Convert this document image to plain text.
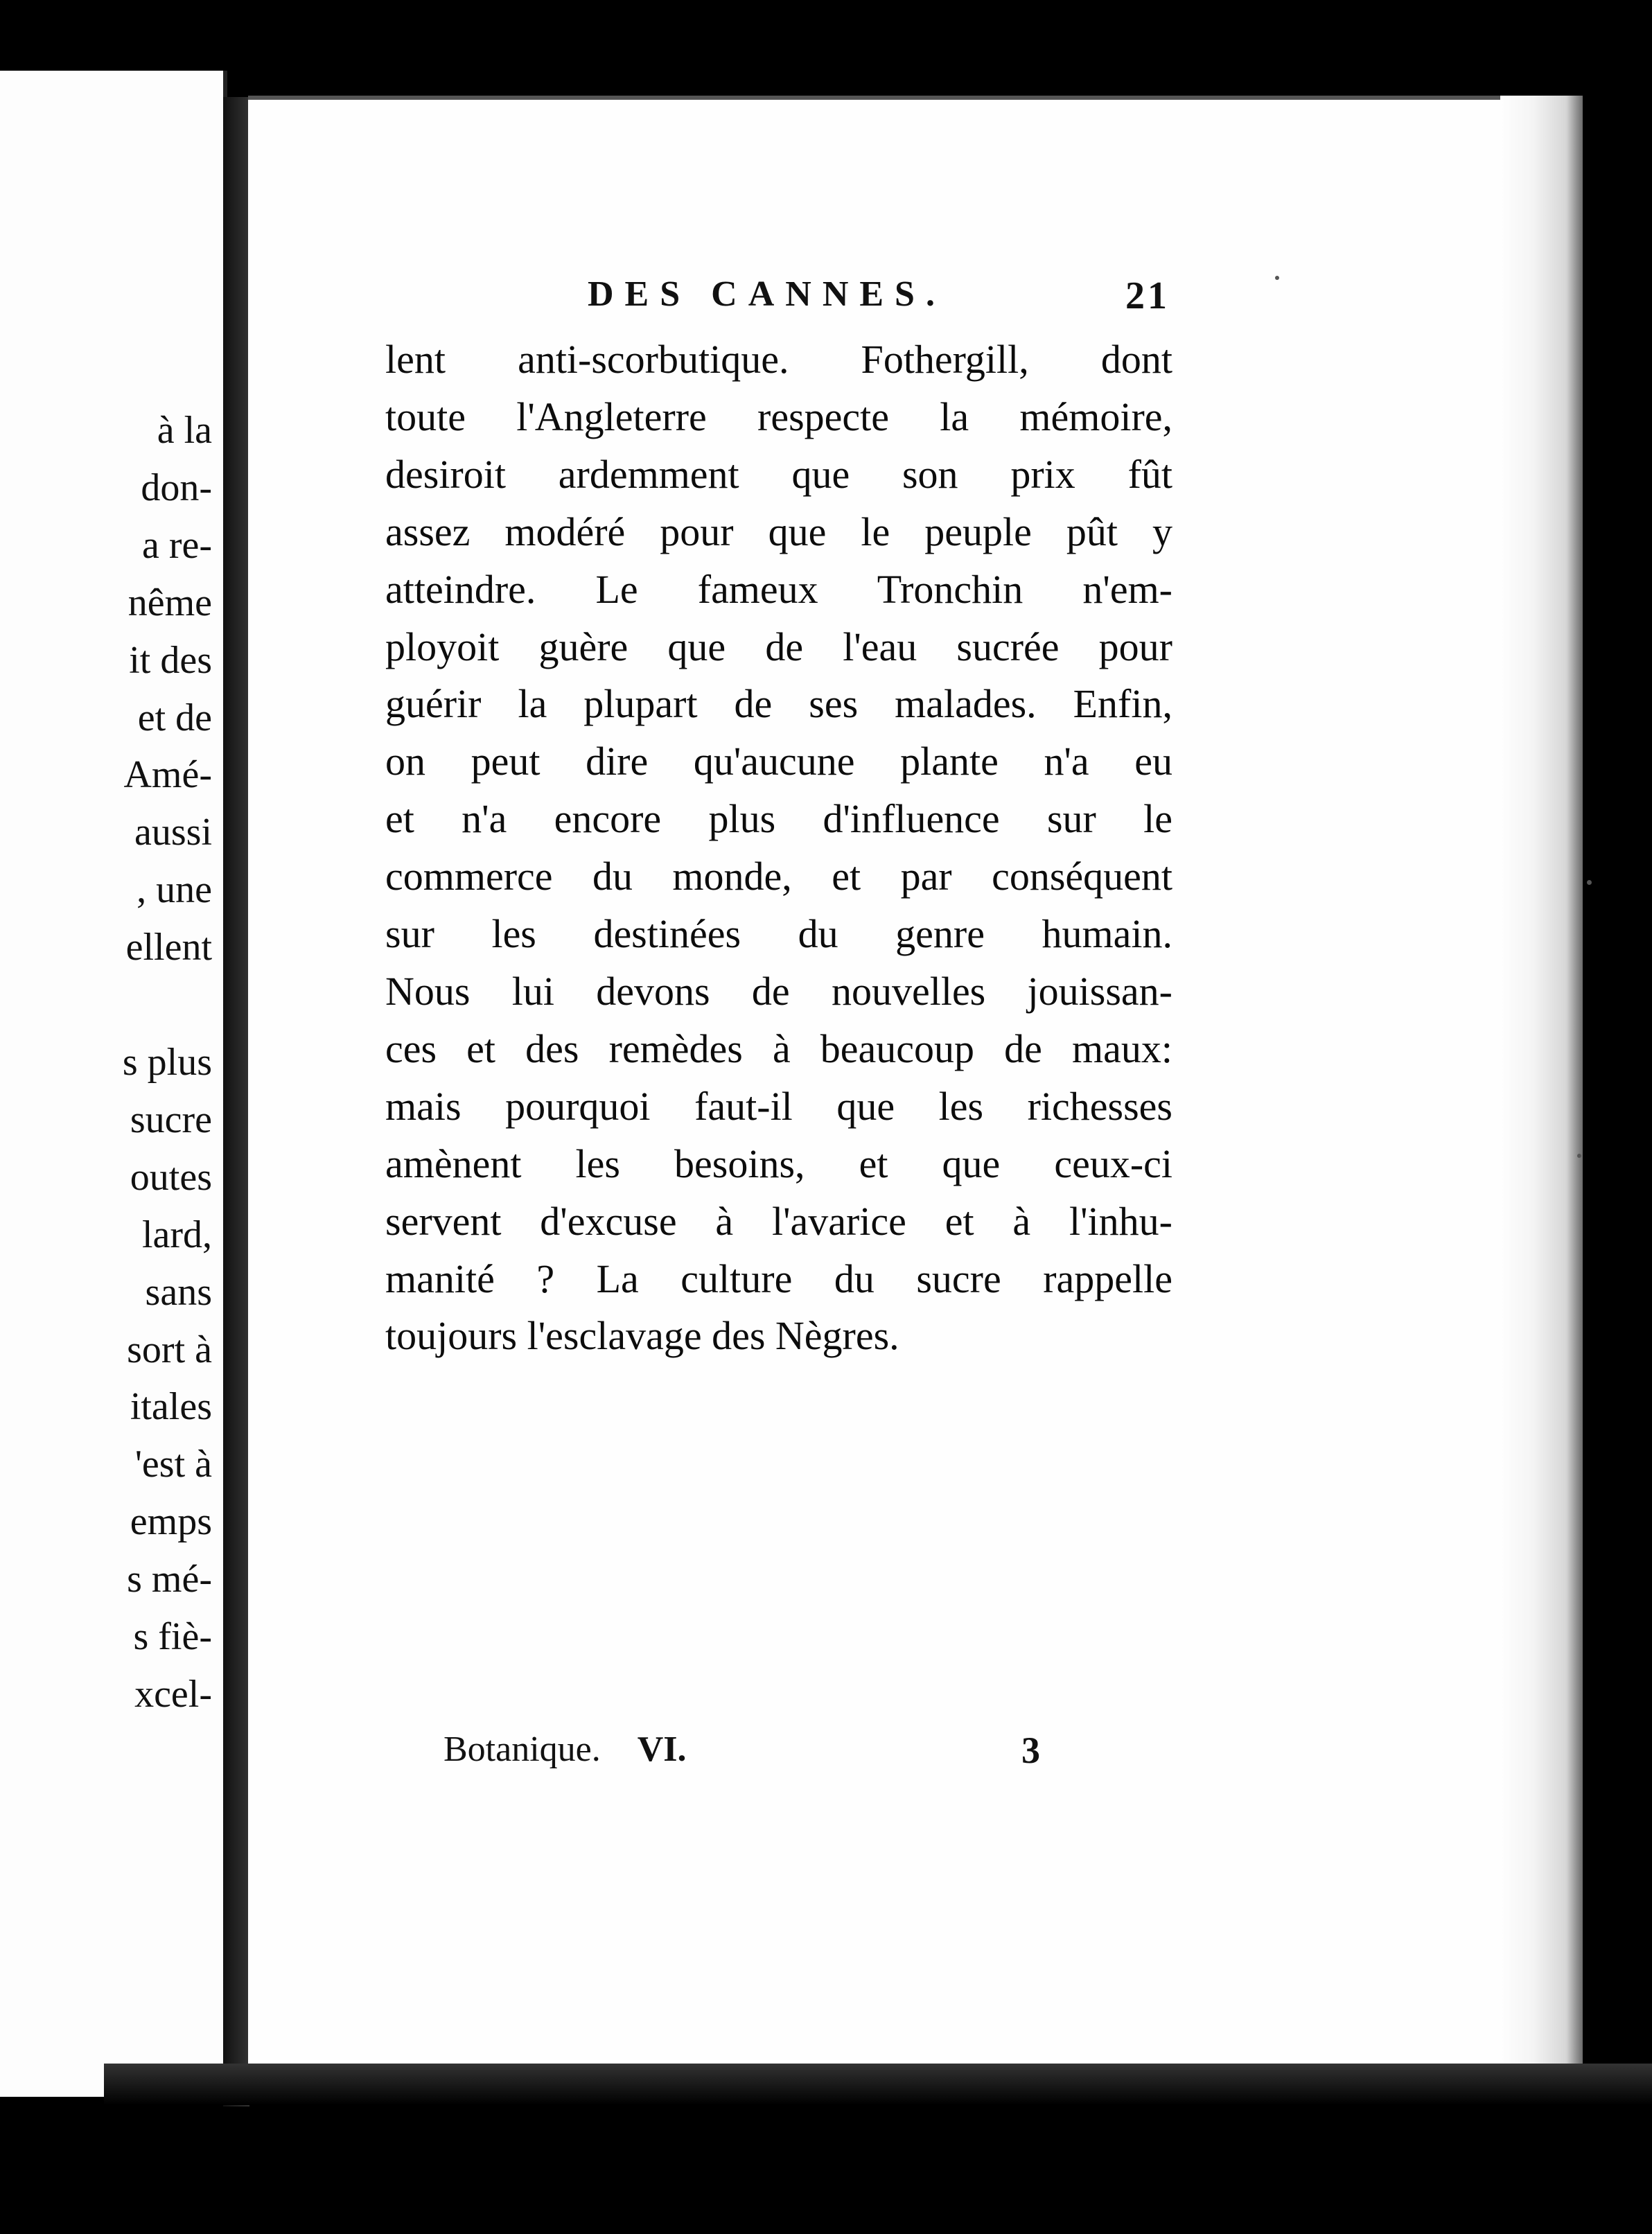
à la
don-
a re-
nême
it des
et de
Amé-
aussi
, une
ellent

s plus
sucre
outes
lard,
sans
sort à
itales
'est à
emps
s mé-
s fiè-
xcel-
DES CANNES.	21
lent anti-scorbutique. Fothergill, dont
toute l'Angleterre respecte la mémoire,
desiroit ardemment que son prix fût
assez modéré pour que le peuple pût y
atteindre. Le fameux Tronchin n'em-
ployoit guère que de l'eau sucrée pour
guérir la plupart de ses malades. Enfin,
on peut dire qu'aucune plante n'a eu
et n'a encore plus d'influence sur le
commerce du monde, et par conséquent
sur les destinées du genre humain.
Nous lui devons de nouvelles jouissan-
ces et des remèdes à beaucoup de maux:
mais pourquoi faut-il que les richesses
amènent les besoins, et que ceux-ci
servent d'excuse à l'avarice et à l'inhu-
manité ? La culture du sucre rappelle
toujours l'esclavage des Nègres.
Botanique. VI.	3
